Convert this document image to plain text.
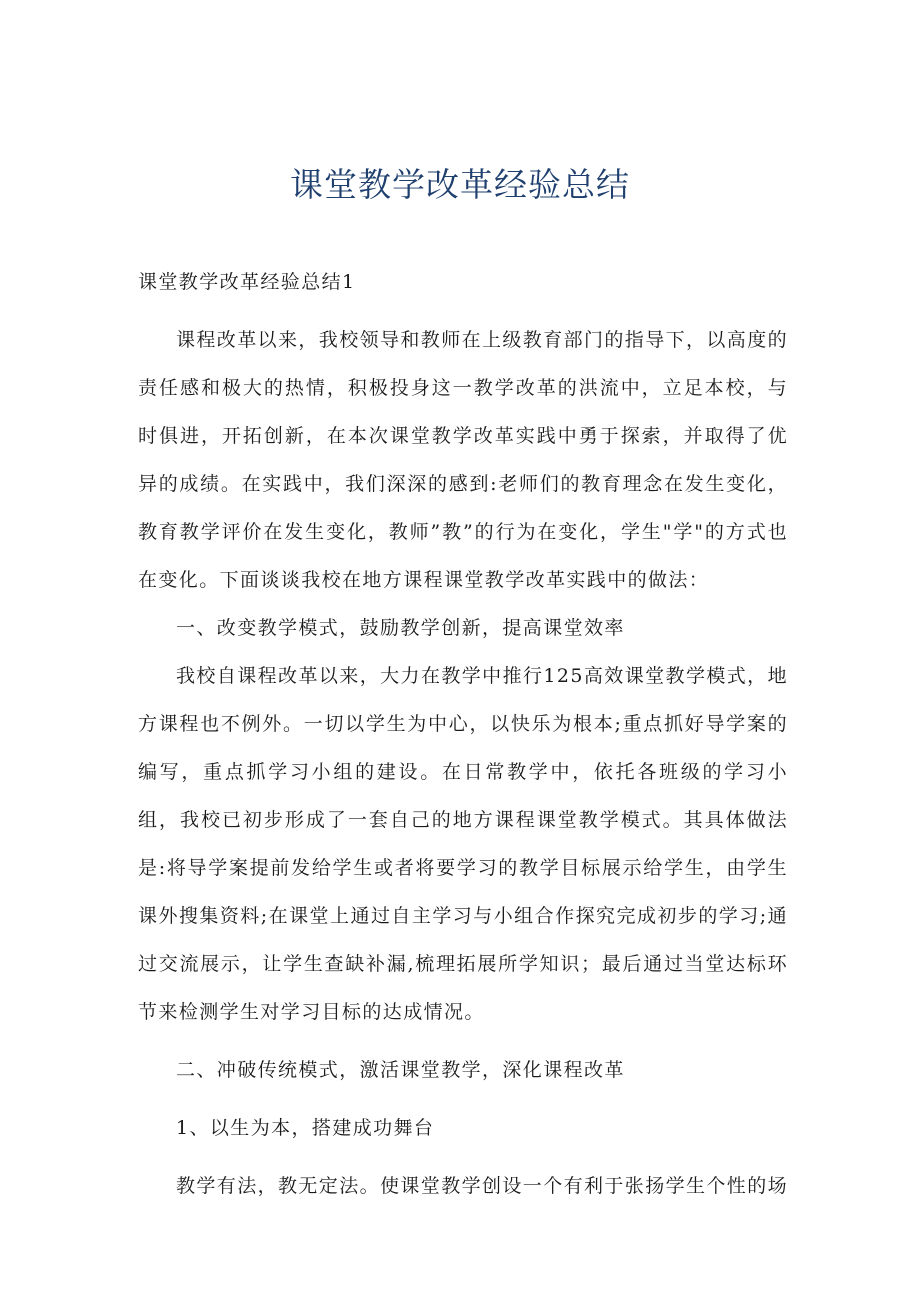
课堂教学改革经验总结

课堂教学改革经验总结1

课程改革以来，我校领导和教师在上级教育部门的指导下，以高度的责任感和极大的热情，积极投身这一教学改革的洪流中，立足本校，与时俱进，开拓创新，在本次课堂教学改革实践中勇于探索，并取得了优异的成绩。在实践中，我们深深的感到:老师们的教育理念在发生变化，教育教学评价在发生变化，教师”教”的行为在变化，学生"学"的方式也在变化。下面谈谈我校在地方课程课堂教学改革实践中的做法：

一、改变教学模式，鼓励教学创新，提高课堂效率

我校自课程改革以来，大力在教学中推行125高效课堂教学模式，地方课程也不例外。一切以学生为中心，以快乐为根本;重点抓好导学案的编写，重点抓学习小组的建设。在日常教学中，依托各班级的学习小组，我校已初步形成了一套自己的地方课程课堂教学模式。其具体做法是:将导学案提前发给学生或者将要学习的教学目标展示给学生，由学生课外搜集资料;在课堂上通过自主学习与小组合作探究完成初步的学习;通过交流展示，让学生查缺补漏,梳理拓展所学知识；最后通过当堂达标环节来检测学生对学习目标的达成情况。

二、冲破传统模式，激活课堂教学，深化课程改革

1、以生为本，搭建成功舞台

教学有法，教无定法。使课堂教学创设一个有利于张扬学生个性的场
